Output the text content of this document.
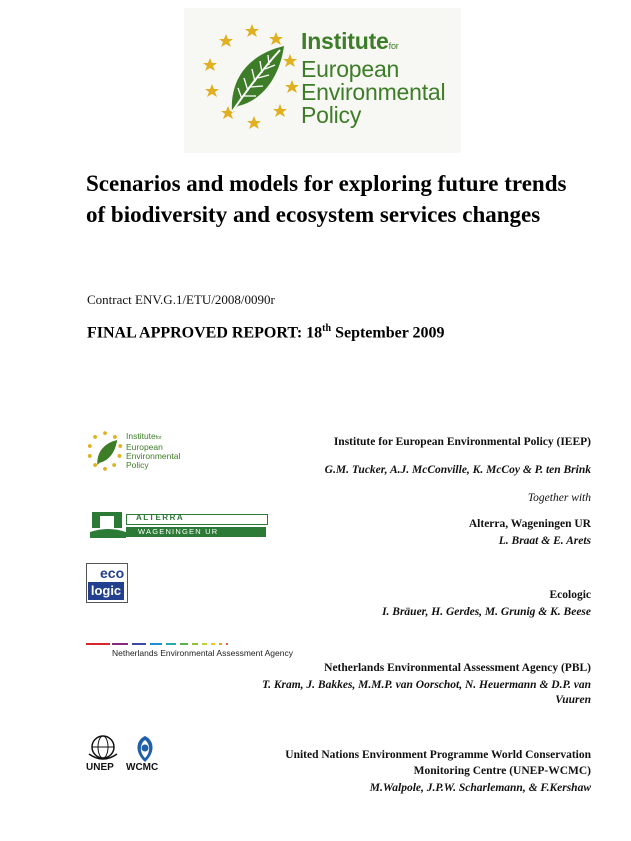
Institutefor
European
Environmental
Policy
Scenarios and models for exploring future trends of biodiversity and ecosystem services changes
Contract ENV.G.1/ETU/2008/0090r
FINAL APPROVED REPORT: 18th September 2009
Institutefor
European
Environmental
Policy
Institute for European Environmental Policy (IEEP)
G.M. Tucker, A.J. McConville, K. McCoy & P. ten Brink
Together with
ALTERRA
WAGENINGEN UR
Alterra, Wageningen UR
L. Braat & E. Arets
eco
logic	Ecologic
I. Bräuer, H. Gerdes, M. Grunig & K. Beese
Netherlands Environmental Assessment Agency
Netherlands Environmental Assessment Agency (PBL)
T. Kram, J. Bakkes, M.M.P. van Oorschot, N. Heuermann & D.P. van
Vuuren
UNEP WCMC
United Nations Environment Programme World Conservation
Monitoring Centre (UNEP-WCMC)
M.Walpole, J.P.W. Scharlemann, & F.Kershaw
